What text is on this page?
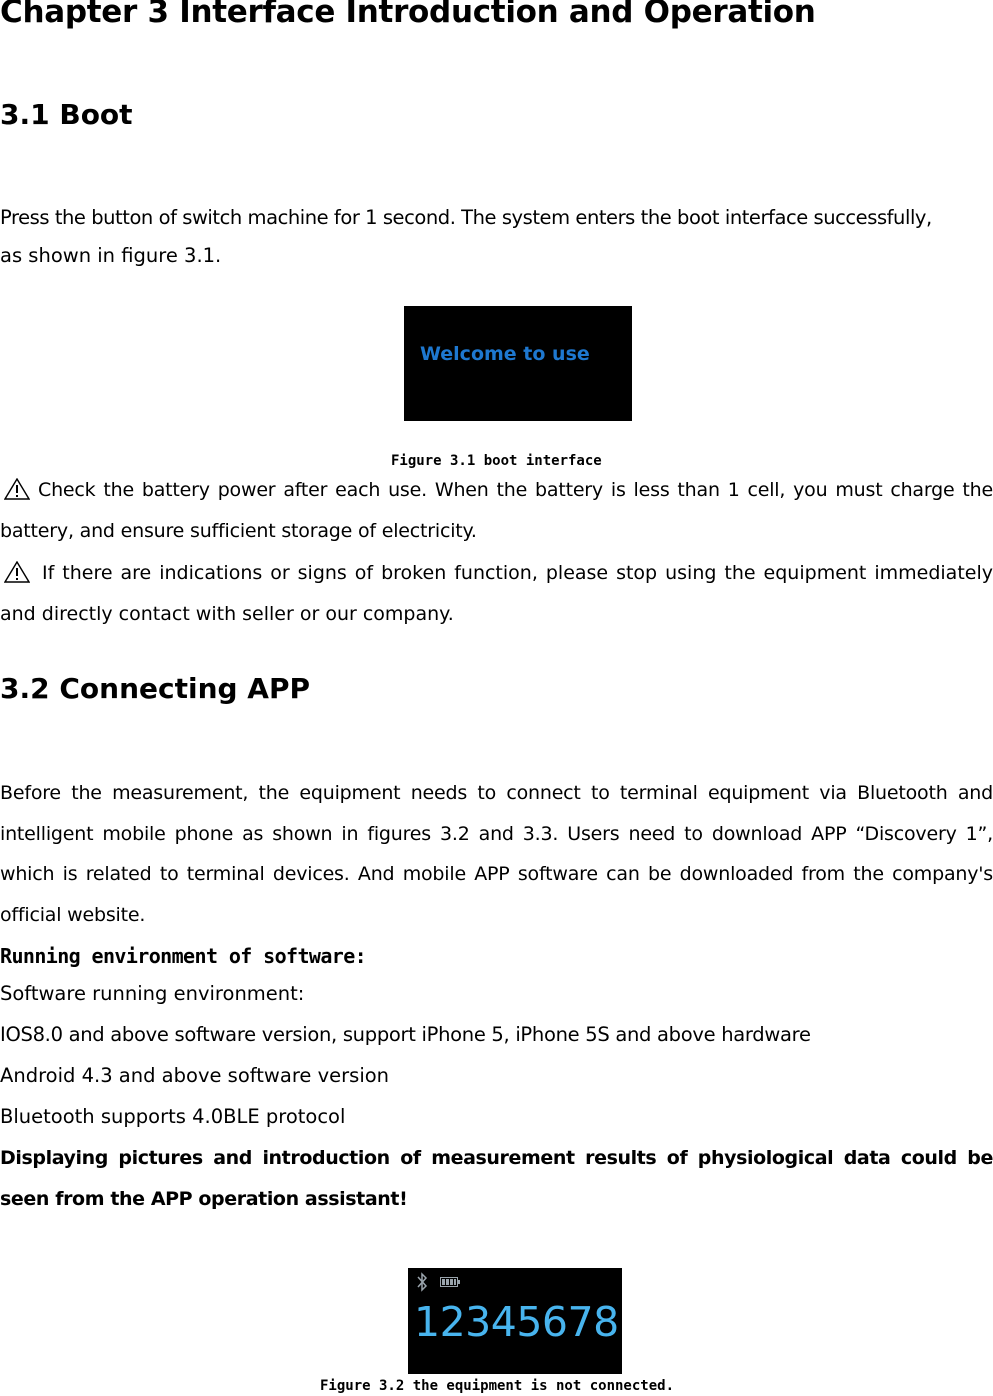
Chapter 3 Interface Introduction and Operation
3.1 Boot
Press the button of switch machine for 1 second. The system enters the boot interface successfully,
as shown in figure 3.1.
Welcome to use
Figure 3.1 boot interface
Check the battery power after each use. When the battery is less than 1 cell, you must charge the battery, and ensure sufficient storage of electricity.
If there are indications or signs of broken function, please stop using the equipment immediately and directly contact with seller or our company.
3.2 Connecting APP
Before the measurement, the equipment needs to connect to terminal equipment via Bluetooth and intelligent mobile phone as shown in figures 3.2 and 3.3. Users need to download APP “Discovery 1”, which is related to terminal devices. And mobile APP software can be downloaded from the company's official website.
Running environment of software:
Software running environment:
IOS8.0 and above software version, support iPhone 5, iPhone 5S and above hardware
Android 4.3 and above software version
Bluetooth supports 4.0BLE protocol
Displaying pictures and introduction of measurement results of physiological data could be seen from the APP operation assistant!
12345678
Figure 3.2 the equipment is not connected.
